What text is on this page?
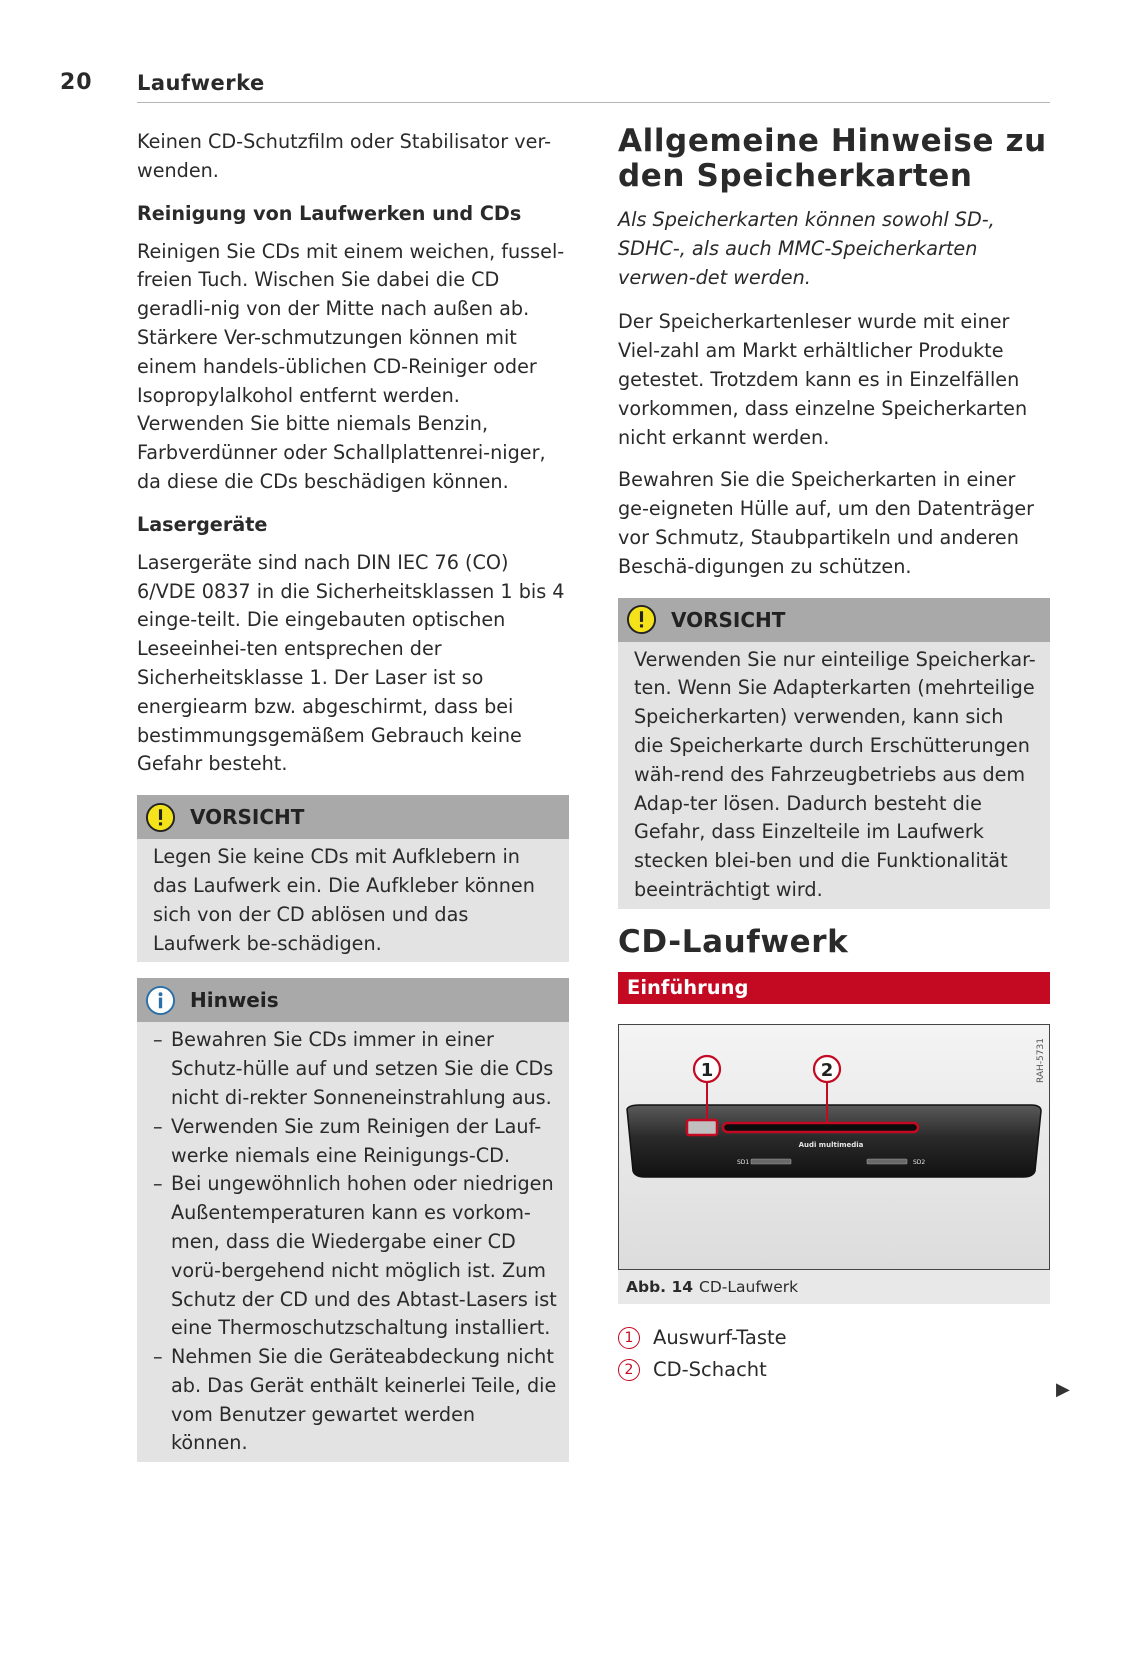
20 Laufwerke

Keinen CD-Schutzfilm oder Stabilisator ver-wenden.

Reinigung von Laufwerken und CDs

Reinigen Sie CDs mit einem weichen, fussel-freien Tuch. Wischen Sie dabei die CD geradli-nig von der Mitte nach außen ab. Stärkere Ver-schmutzungen können mit einem handels-üblichen CD-Reiniger oder Isopropylalkohol entfernt werden. Verwenden Sie bitte niemals Benzin, Farbverdünner oder Schallplattenrei-niger, da diese die CDs beschädigen können.

Lasergeräte

Lasergeräte sind nach DIN IEC 76 (CO) 6/VDE 0837 in die Sicherheitsklassen 1 bis 4 einge-teilt. Die eingebauten optischen Leseeinhei-ten entsprechen der Sicherheitsklasse 1. Der Laser ist so energiearm bzw. abgeschirmt, dass bei bestimmungsgemäßem Gebrauch keine Gefahr besteht.

VORSICHT

Legen Sie keine CDs mit Aufklebern in das Laufwerk ein. Die Aufkleber können sich von der CD ablösen und das Laufwerk be-schädigen.

Hinweis
– Bewahren Sie CDs immer in einer Schutz-hülle auf und setzen Sie die CDs nicht di-rekter Sonneneinstrahlung aus.
– Verwenden Sie zum Reinigen der Lauf-werke niemals eine Reinigungs-CD.
– Bei ungewöhnlich hohen oder niedrigen Außentemperaturen kann es vorkom-men, dass die Wiedergabe einer CD vorü-bergehend nicht möglich ist. Zum Schutz der CD und des Abtast-Lasers ist eine Thermoschutzschaltung installiert.
– Nehmen Sie die Geräteabdeckung nicht ab. Das Gerät enthält keinerlei Teile, die vom Benutzer gewartet werden können.
Allgemeine Hinweise zu den Speicherkarten

Als Speicherkarten können sowohl SD-, SDHC-, als auch MMC-Speicherkarten verwen-det werden.

Der Speicherkartenleser wurde mit einer Viel-zahl am Markt erhältlicher Produkte getestet. Trotzdem kann es in Einzelfällen vorkommen, dass einzelne Speicherkarten nicht erkannt werden.

Bewahren Sie die Speicherkarten in einer ge-eigneten Hülle auf, um den Datenträger vor Schmutz, Staubpartikeln und anderen Beschä-digungen zu schützen.

VORSICHT

Verwenden Sie nur einteilige Speicherkar-ten. Wenn Sie Adapterkarten (mehrteilige Speicherkarten) verwenden, kann sich die Speicherkarte durch Erschütterungen wäh-rend des Fahrzeugbetriebs aus dem Adap-ter lösen. Dadurch besteht die Gefahr, dass Einzelteile im Laufwerk stecken blei-ben und die Funktionalität beeinträchtigt wird.

CD-Laufwerk
Einführung
1	2
Audi multimedia
SD1	SD2
RAH-5731
Abb. 14 CD-Laufwerk
1	Auswurf-Taste
2	CD-Schacht
▶
